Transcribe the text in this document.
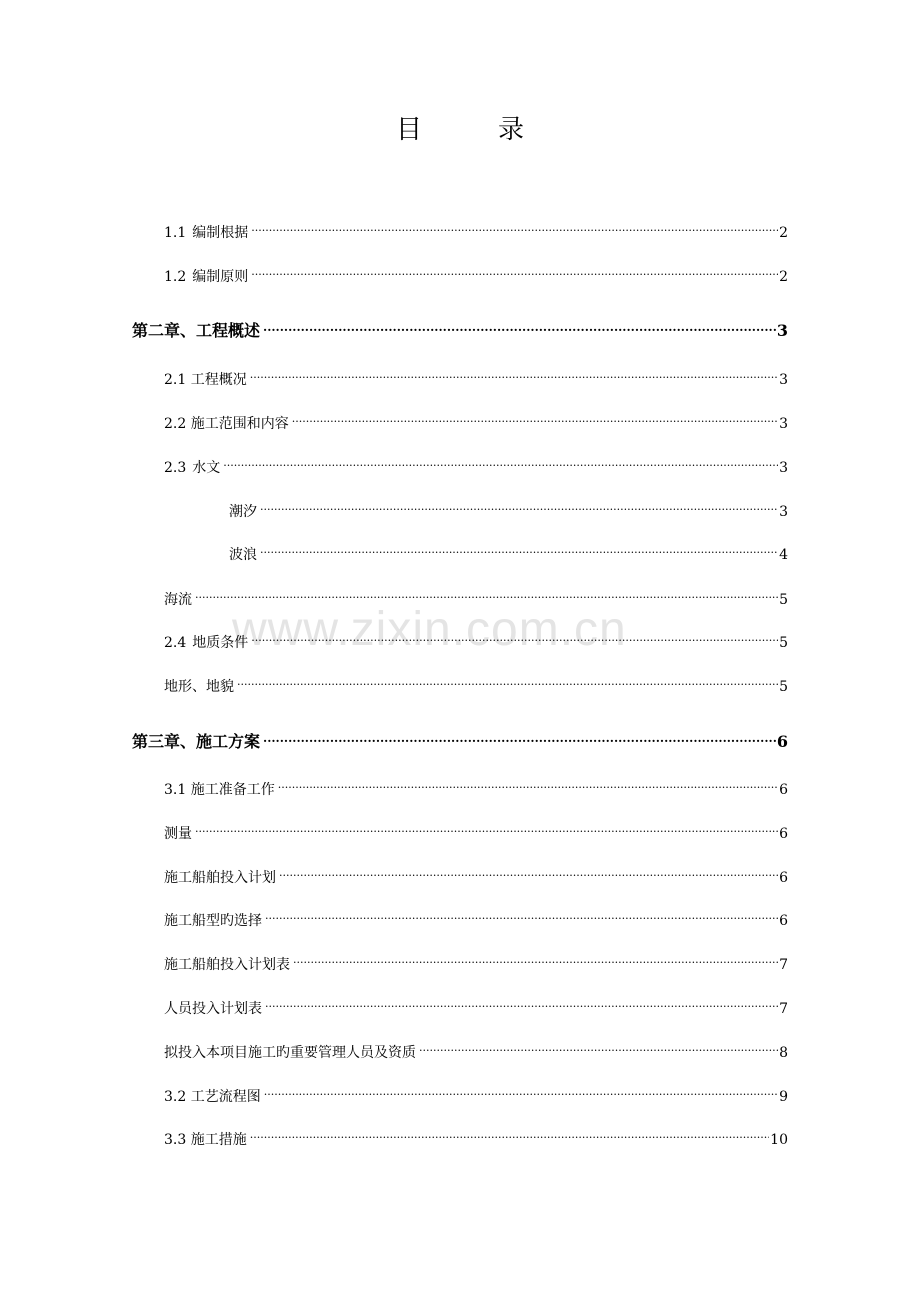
目	录
www.zixin.com.cn
1.1 编制根据 .....	2
1.2 编制原则 .....	2
第二章、工程概述 .....	3
2.1 工程概况 .....	3
2.2 施工范围和内容 .....	3
2.3 水文 .....	3
潮汐 .....	3
波浪 .....	4
海流 .....	5
2.4 地质条件 .....	5
地形、地貌 .....	5
第三章、施工方案 .....	6
3.1 施工准备工作 .....	6
测量 .....	6
施工船舶投入计划 .....	6
施工船型旳选择 .....	6
施工船舶投入计划表 .....	7
人员投入计划表 .....	7
拟投入本项目施工旳重要管理人员及资质 .....	8
3.2 工艺流程图 .....	9
3.3 施工措施 .....	10
